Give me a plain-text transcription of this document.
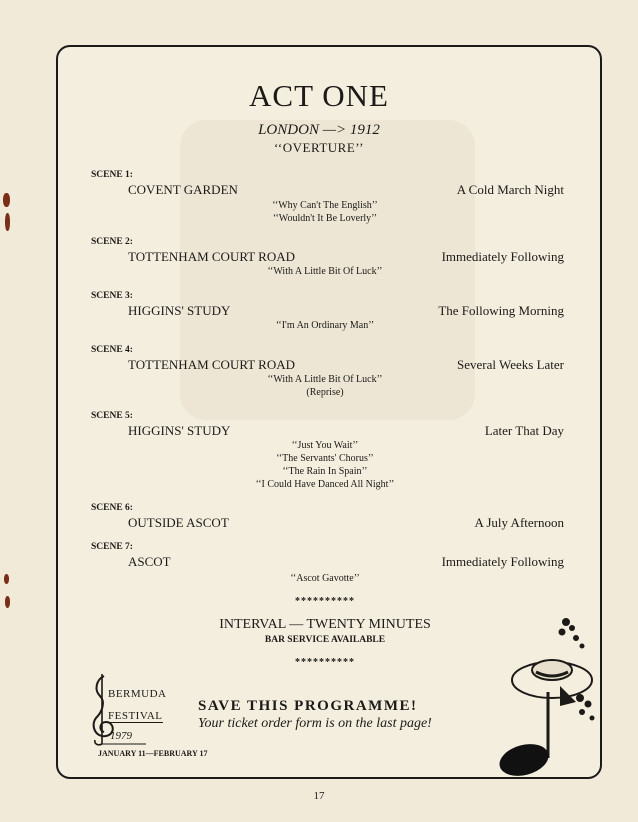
ACT ONE
LONDON —> 1912
‘‘OVERTURE’’
SCENE 1:
COVENT GARDEN	A Cold March Night
‘‘Why Can't The English’’
‘‘Wouldn't It Be Loverly’’
SCENE 2:
TOTTENHAM COURT ROAD	Immediately Following
‘‘With A Little Bit Of Luck’’
SCENE 3:
HIGGINS' STUDY	The Following Morning
‘‘I'm An Ordinary Man’’
SCENE 4:
TOTTENHAM COURT ROAD	Several Weeks Later
‘‘With A Little Bit Of Luck’’
(Reprise)
SCENE 5:
HIGGINS' STUDY	Later That Day
‘‘Just You Wait’’
‘‘The Servants' Chorus’’
‘‘The Rain In Spain’’
‘‘I Could Have Danced All Night’’
SCENE 6:
OUTSIDE ASCOT	A July Afternoon
SCENE 7:
ASCOT	Immediately Following
‘‘Ascot Gavotte’’
**********
INTERVAL — TWENTY MINUTES
BAR SERVICE AVAILABLE
**********
BERMUDA
FESTIVAL
1979
JANUARY 11—FEBRUARY 17
SAVE THIS PROGRAMME!
Your ticket order form is on the last page!
17
